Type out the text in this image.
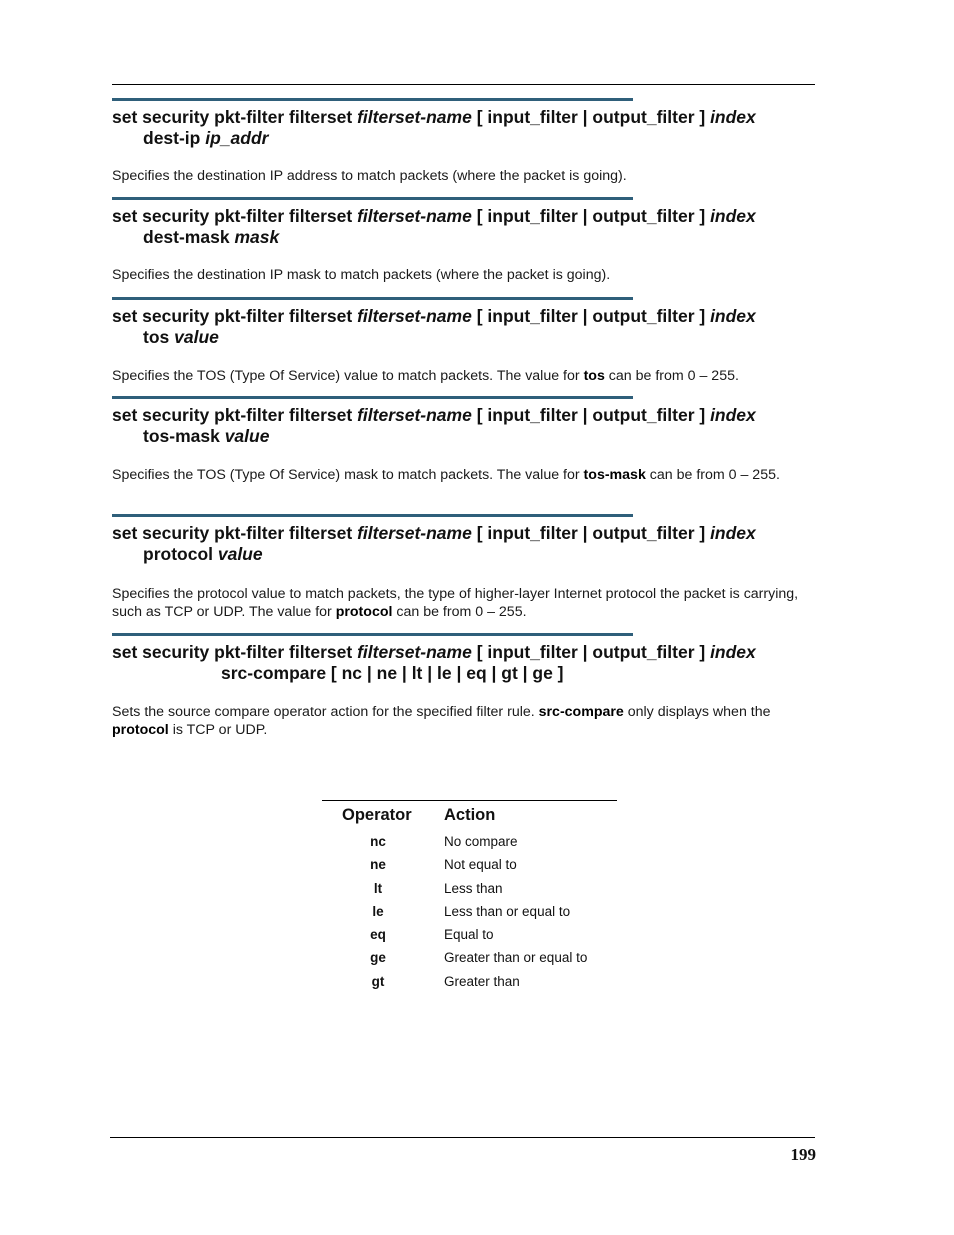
set security pkt-filter filterset filterset-name [ input_filter | output_filter ] index
dest-ip ip_addr
Specifies the destination IP address to match packets (where the packet is going).
set security pkt-filter filterset filterset-name [ input_filter | output_filter ] index
dest-mask mask
Specifies the destination IP mask to match packets (where the packet is going).
set security pkt-filter filterset filterset-name [ input_filter | output_filter ] index
tos value
Specifies the TOS (Type Of Service) value to match packets. The value for tos can be from 0 – 255.
set security pkt-filter filterset filterset-name [ input_filter | output_filter ] index
tos-mask value
Specifies the TOS (Type Of Service) mask to match packets. The value for tos-mask can be from 0 – 255.
set security pkt-filter filterset filterset-name [ input_filter | output_filter ] index
protocol value
Specifies the protocol value to match packets, the type of higher-layer Internet protocol the packet is carrying, such as TCP or UDP. The value for protocol can be from 0 – 255.
set security pkt-filter filterset filterset-name [ input_filter | output_filter ] index
src-compare [ nc | ne | lt | le | eq | gt | ge ]
Sets the source compare operator action for the specified filter rule. src-compare only displays when the protocol is TCP or UDP.
Operator Action
nc	No compare
ne	Not equal to
lt	Less than
le	Less than or equal to
eq	Equal to
ge	Greater than or equal to
gt	Greater than
199
